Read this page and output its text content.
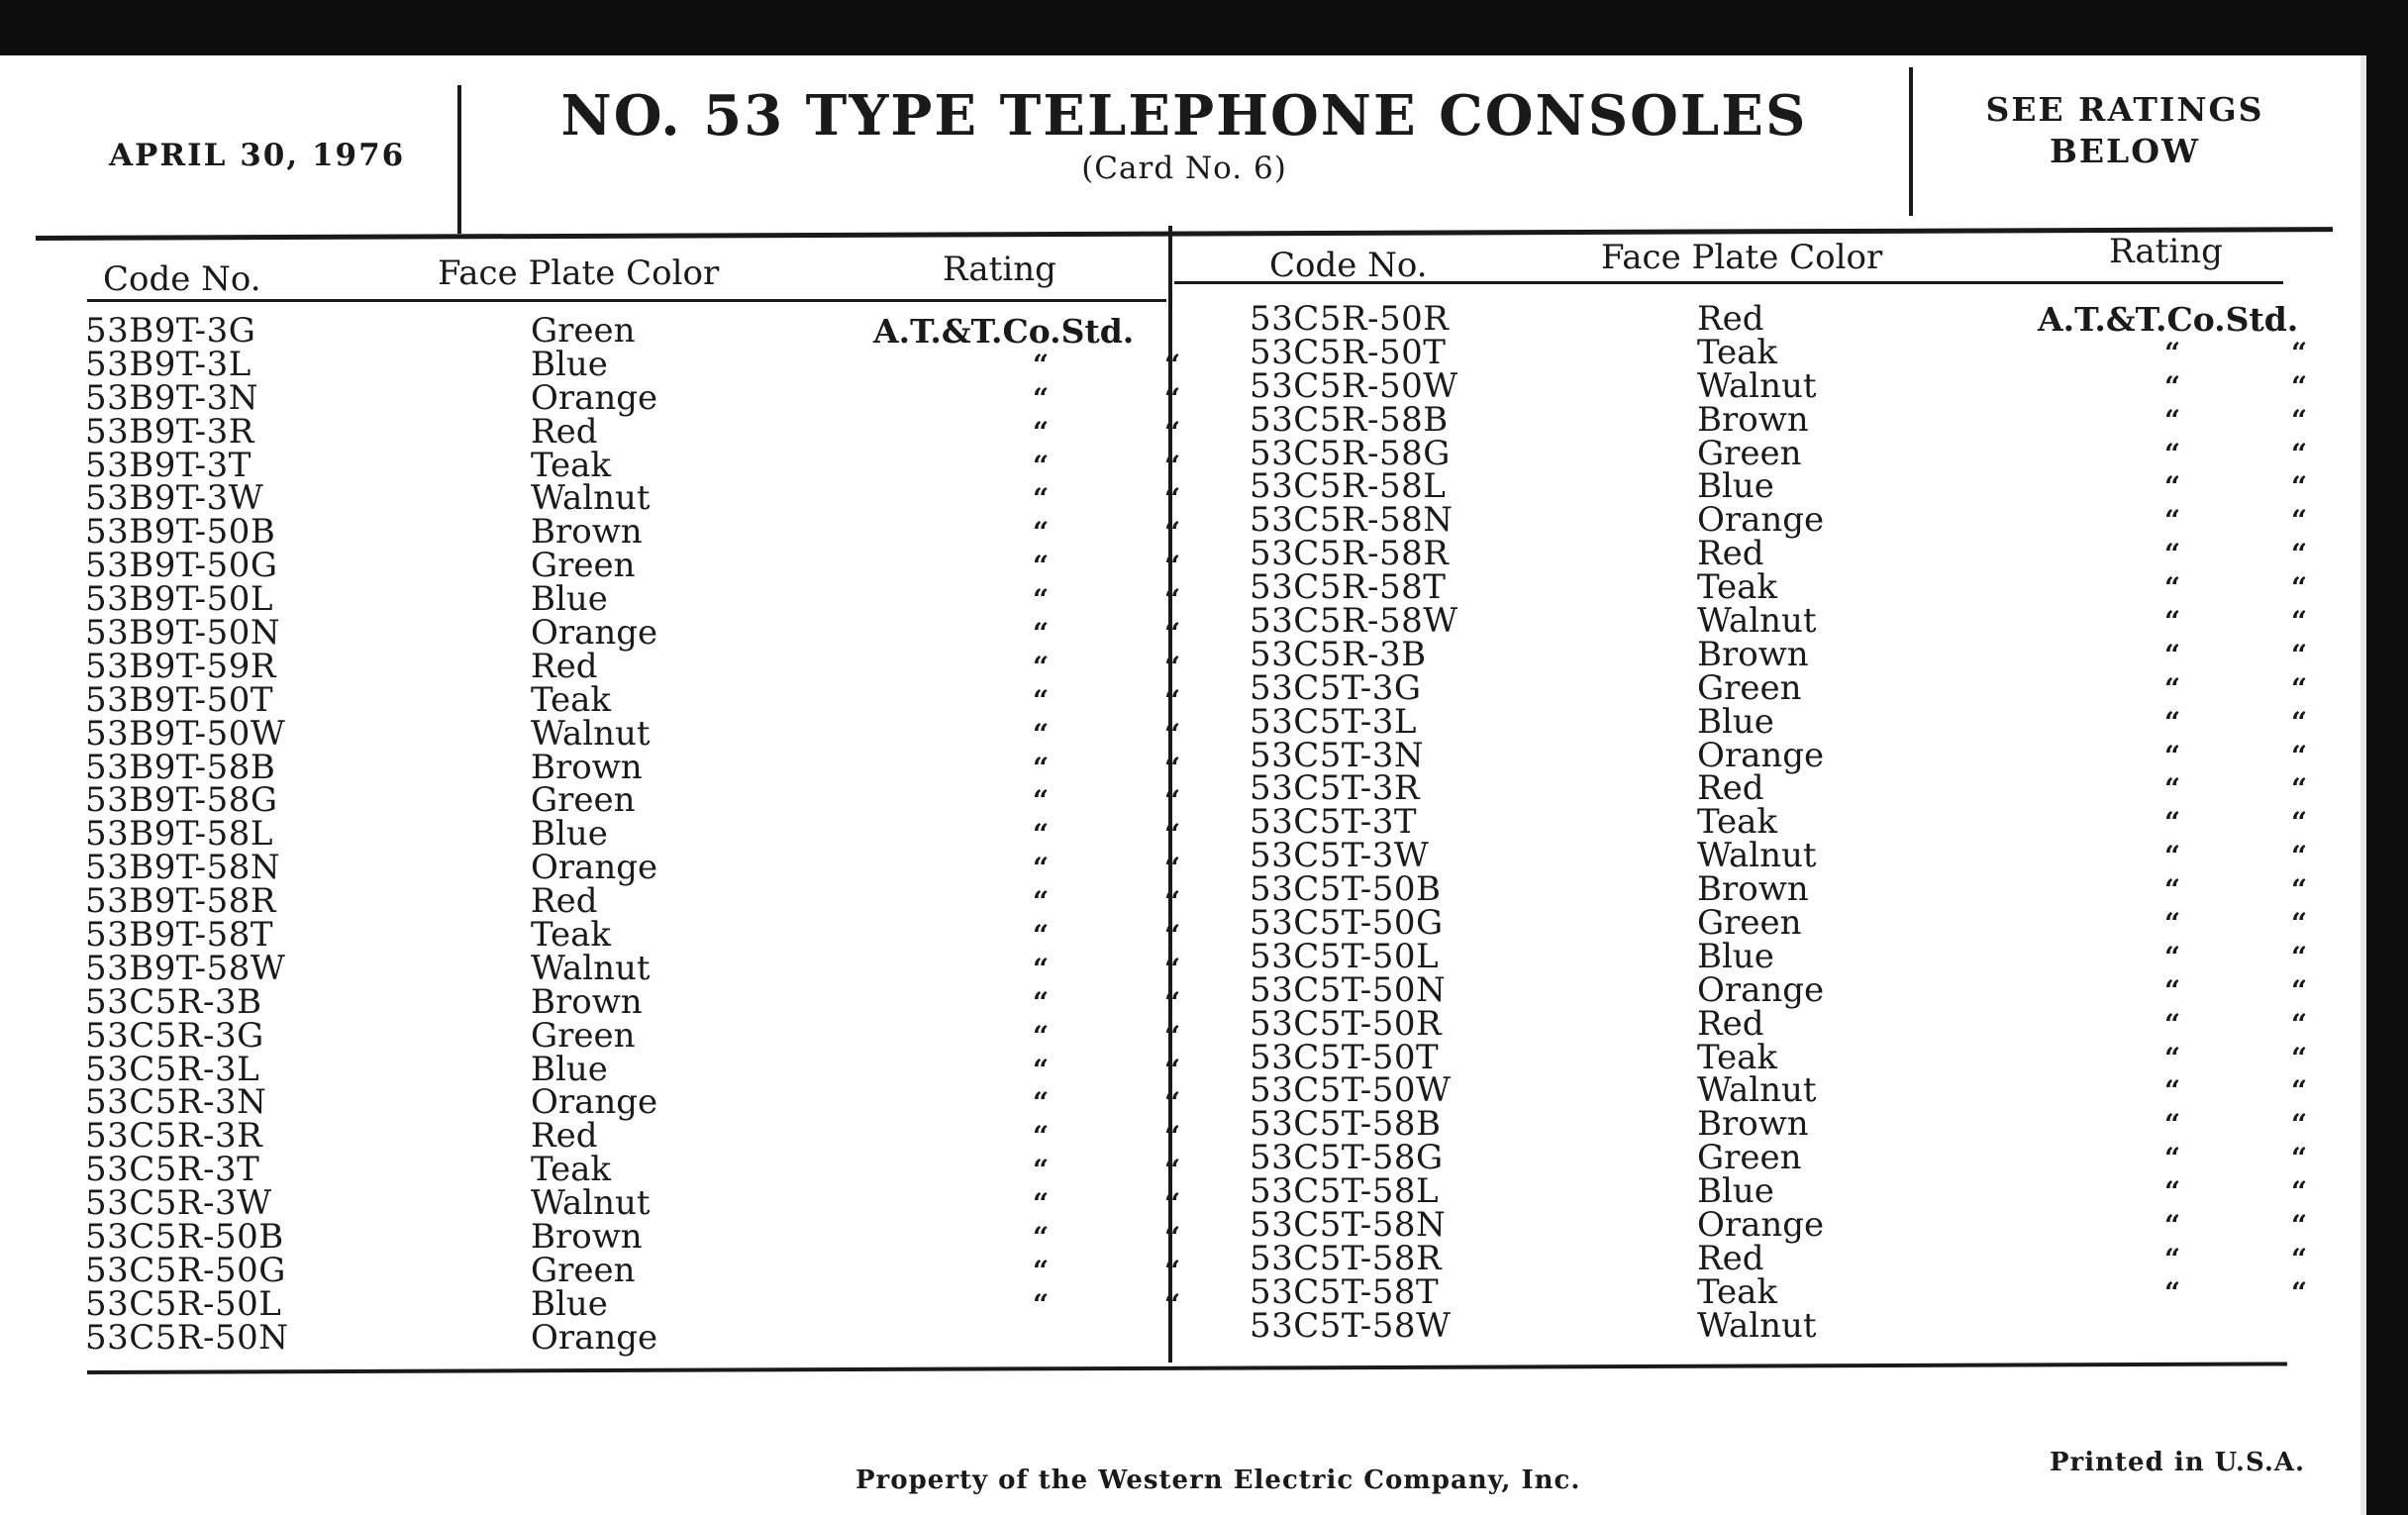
APRIL 30, 1976
NO. 53 TYPE TELEPHONE CONSOLES
(Card No. 6)
SEE RATINGS
BELOW
Code No.	Face Plate Color	Rating
53B9T-3G	Green	A.T.&T.Co.Std.
53B9T-3L	Blue	“	“
53B9T-3N	Orange	“	“
53B9T-3R	Red	“	“
53B9T-3T	Teak	“	“
53B9T-3W	Walnut	“	“
53B9T-50B	Brown	“	“
53B9T-50G	Green	“	“
53B9T-50L	Blue	“	“
53B9T-50N	Orange	“	“
53B9T-59R	Red	“	“
53B9T-50T	Teak	“	“
53B9T-50W	Walnut	“	“
53B9T-58B	Brown	“	“
53B9T-58G	Green	“	“
53B9T-58L	Blue	“	“
53B9T-58N	Orange	“	“
53B9T-58R	Red	“	“
53B9T-58T	Teak	“	“
53B9T-58W	Walnut	“	“
53C5R-3B	Brown	“	“
53C5R-3G	Green	“	“
53C5R-3L	Blue	“	“
53C5R-3N	Orange	“	“
53C5R-3R	Red	“	“
53C5R-3T	Teak	“	“
53C5R-3W	Walnut	“	“
53C5R-50B	Brown	“	“
53C5R-50G	Green	“	“
53C5R-50L	Blue	“	“
53C5R-50N	Orange
Code No.	Face Plate Color	Rating
53C5R-50R	Red	A.T.&T.Co.Std.
53C5R-50T	Teak	“	“
53C5R-50W	Walnut	“	“
53C5R-58B	Brown	“	“
53C5R-58G	Green	“	“
53C5R-58L	Blue	“	“
53C5R-58N	Orange	“	“
53C5R-58R	Red	“	“
53C5R-58T	Teak	“	“
53C5R-58W	Walnut	“	“
53C5R-3B	Brown	“	“
53C5T-3G	Green	“	“
53C5T-3L	Blue	“	“
53C5T-3N	Orange	“	“
53C5T-3R	Red	“	“
53C5T-3T	Teak	“	“
53C5T-3W	Walnut	“	“
53C5T-50B	Brown	“	“
53C5T-50G	Green	“	“
53C5T-50L	Blue	“	“
53C5T-50N	Orange	“	“
53C5T-50R	Red	“	“
53C5T-50T	Teak	“	“
53C5T-50W	Walnut	“	“
53C5T-58B	Brown	“	“
53C5T-58G	Green	“	“
53C5T-58L	Blue	“	“
53C5T-58N	Orange	“	“
53C5T-58R	Red	“	“
53C5T-58T	Teak	“	“
53C5T-58W	Walnut
Property of the Western Electric Company, Inc.
Printed in U.S.A.
